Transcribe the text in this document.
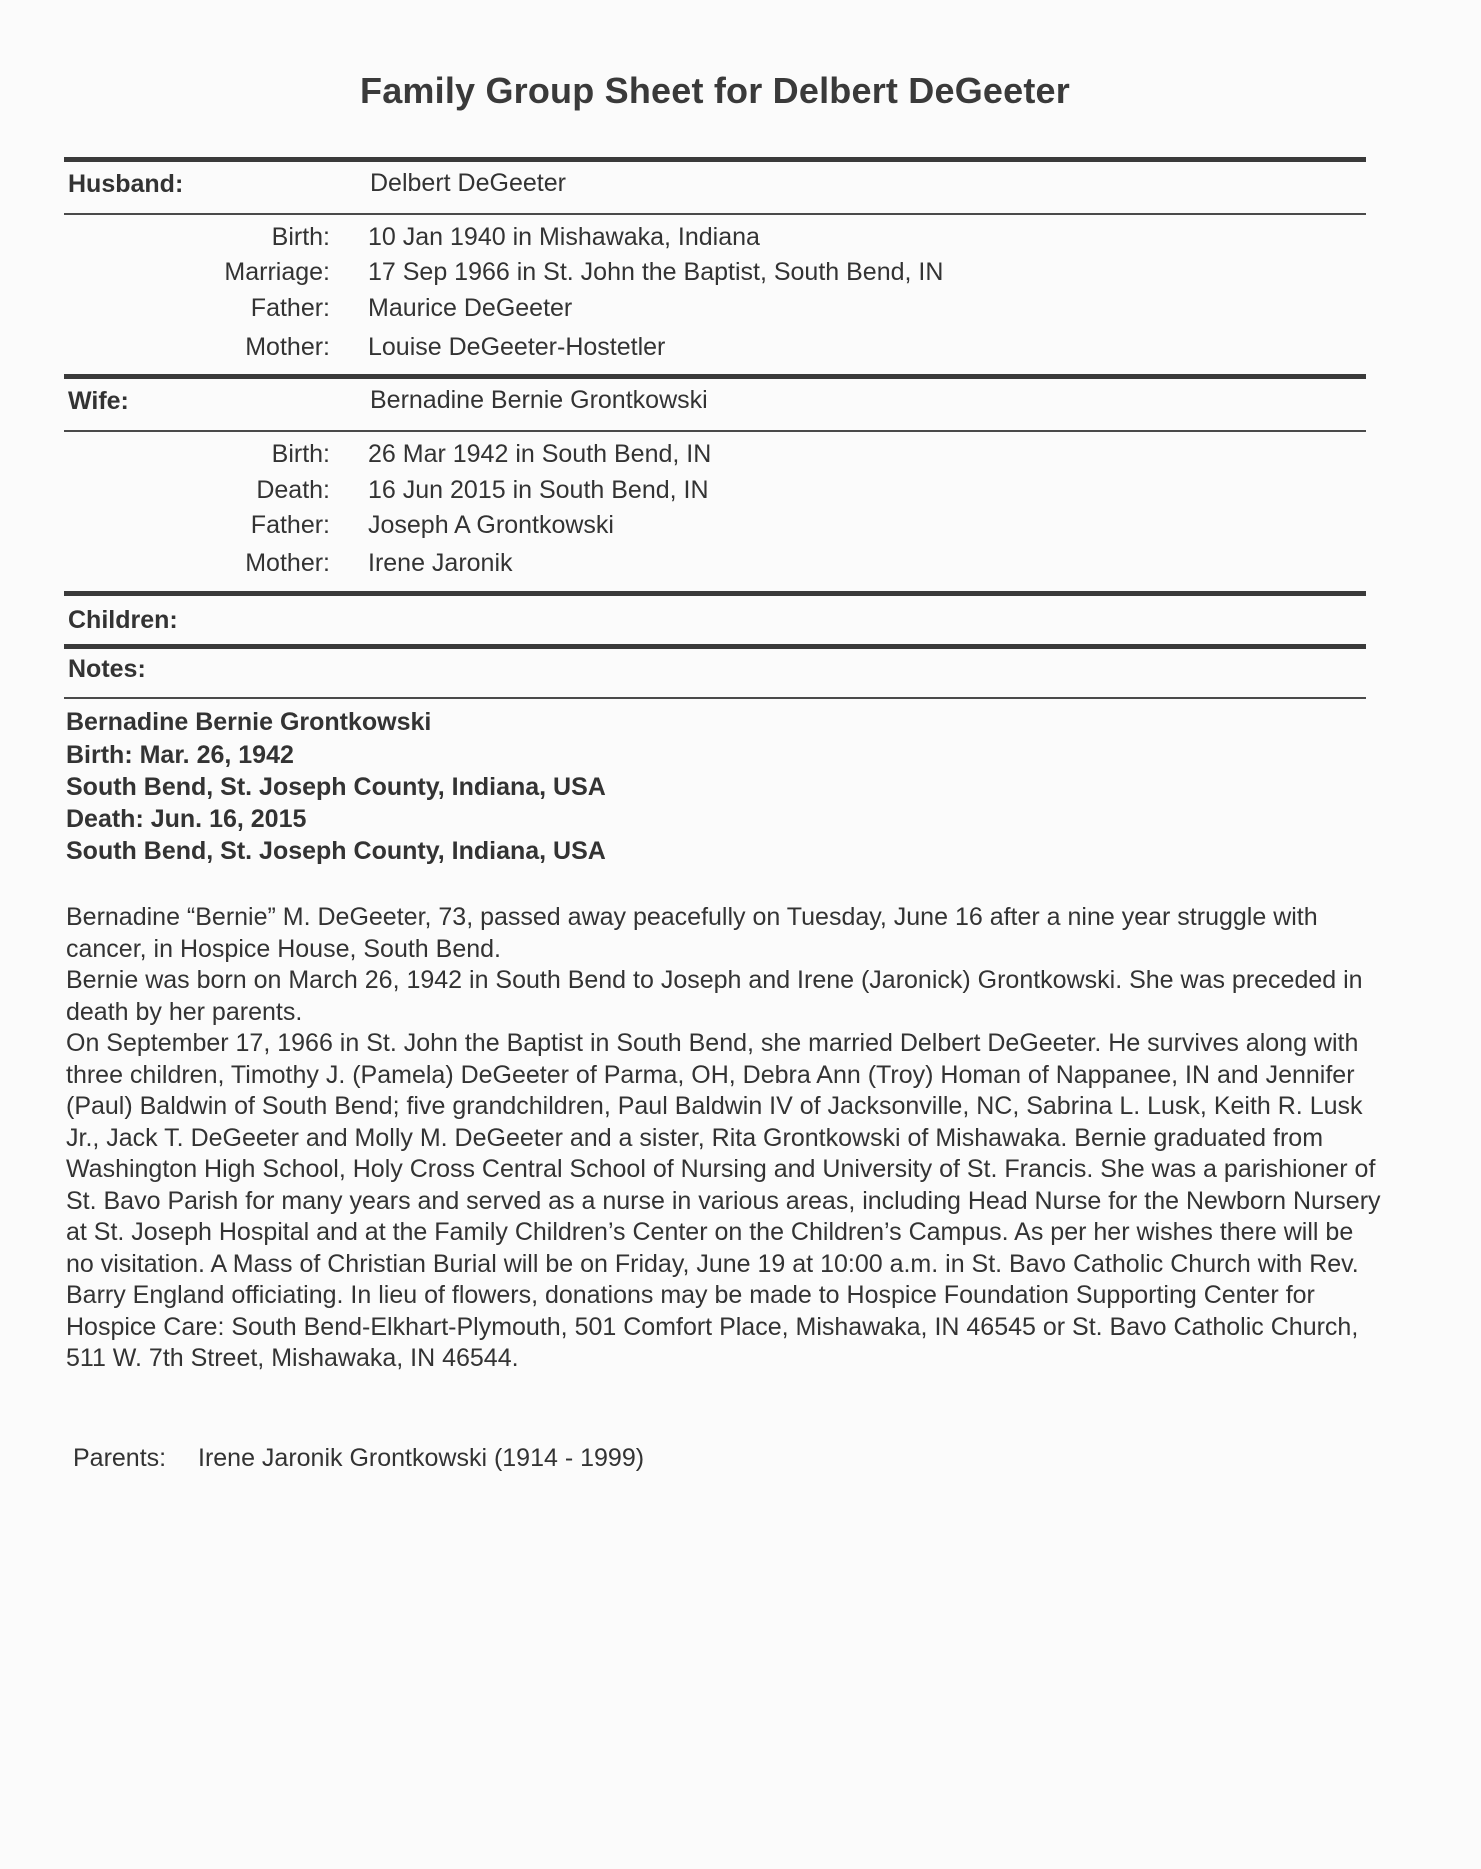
Family Group Sheet for Delbert DeGeeter
Husband:	Delbert DeGeeter
Birth: 10 Jan 1940 in Mishawaka, Indiana
Marriage: 17 Sep 1966 in St. John the Baptist, South Bend, IN
Father: Maurice DeGeeter
Mother: Louise DeGeeter-Hostetler
Wife:	Bernadine Bernie Grontkowski
Birth: 26 Mar 1942 in South Bend, IN
Death: 16 Jun 2015 in South Bend, IN
Father: Joseph A Grontkowski
Mother: Irene Jaronik
Children:
Notes:
Bernadine Bernie Grontkowski
Birth: Mar. 26, 1942
South Bend, St. Joseph County, Indiana, USA
Death: Jun. 16, 2015
South Bend, St. Joseph County, Indiana, USA

Bernadine “Bernie” M. DeGeeter, 73, passed away peacefully on Tuesday, June 16 after a nine year struggle with cancer, in Hospice House, South Bend.

Bernie was born on March 26, 1942 in South Bend to Joseph and Irene (Jaronick) Grontkowski. She was preceded in death by her parents.

On September 17, 1966 in St. John the Baptist in South Bend, she married Delbert DeGeeter. He survives along with three children, Timothy J. (Pamela) DeGeeter of Parma, OH, Debra Ann (Troy) Homan of Nappanee, IN and Jennifer (Paul) Baldwin of South Bend; five grandchildren, Paul Baldwin IV of Jacksonville, NC, Sabrina L. Lusk, Keith R. Lusk Jr., Jack T. DeGeeter and Molly M. DeGeeter and a sister, Rita Grontkowski of Mishawaka. Bernie graduated from Washington High School, Holy Cross Central School of Nursing and University of St. Francis. She was a parishioner of St. Bavo Parish for many years and served as a nurse in various areas, including Head Nurse for the Newborn Nursery at St. Joseph Hospital and at the Family Children’s Center on the Children’s Campus. As per her wishes there will be no visitation. A Mass of Christian Burial will be on Friday, June 19 at 10:00 a.m. in St. Bavo Catholic Church with Rev. Barry England officiating. In lieu of flowers, donations may be made to Hospice Foundation Supporting Center for Hospice Care: South Bend-Elkhart-Plymouth, 501 Comfort Place, Mishawaka, IN 46545 or St. Bavo Catholic Church, 511 W. 7th Street, Mishawaka, IN 46544.

Parents: Irene Jaronik Grontkowski (1914 - 1999)
